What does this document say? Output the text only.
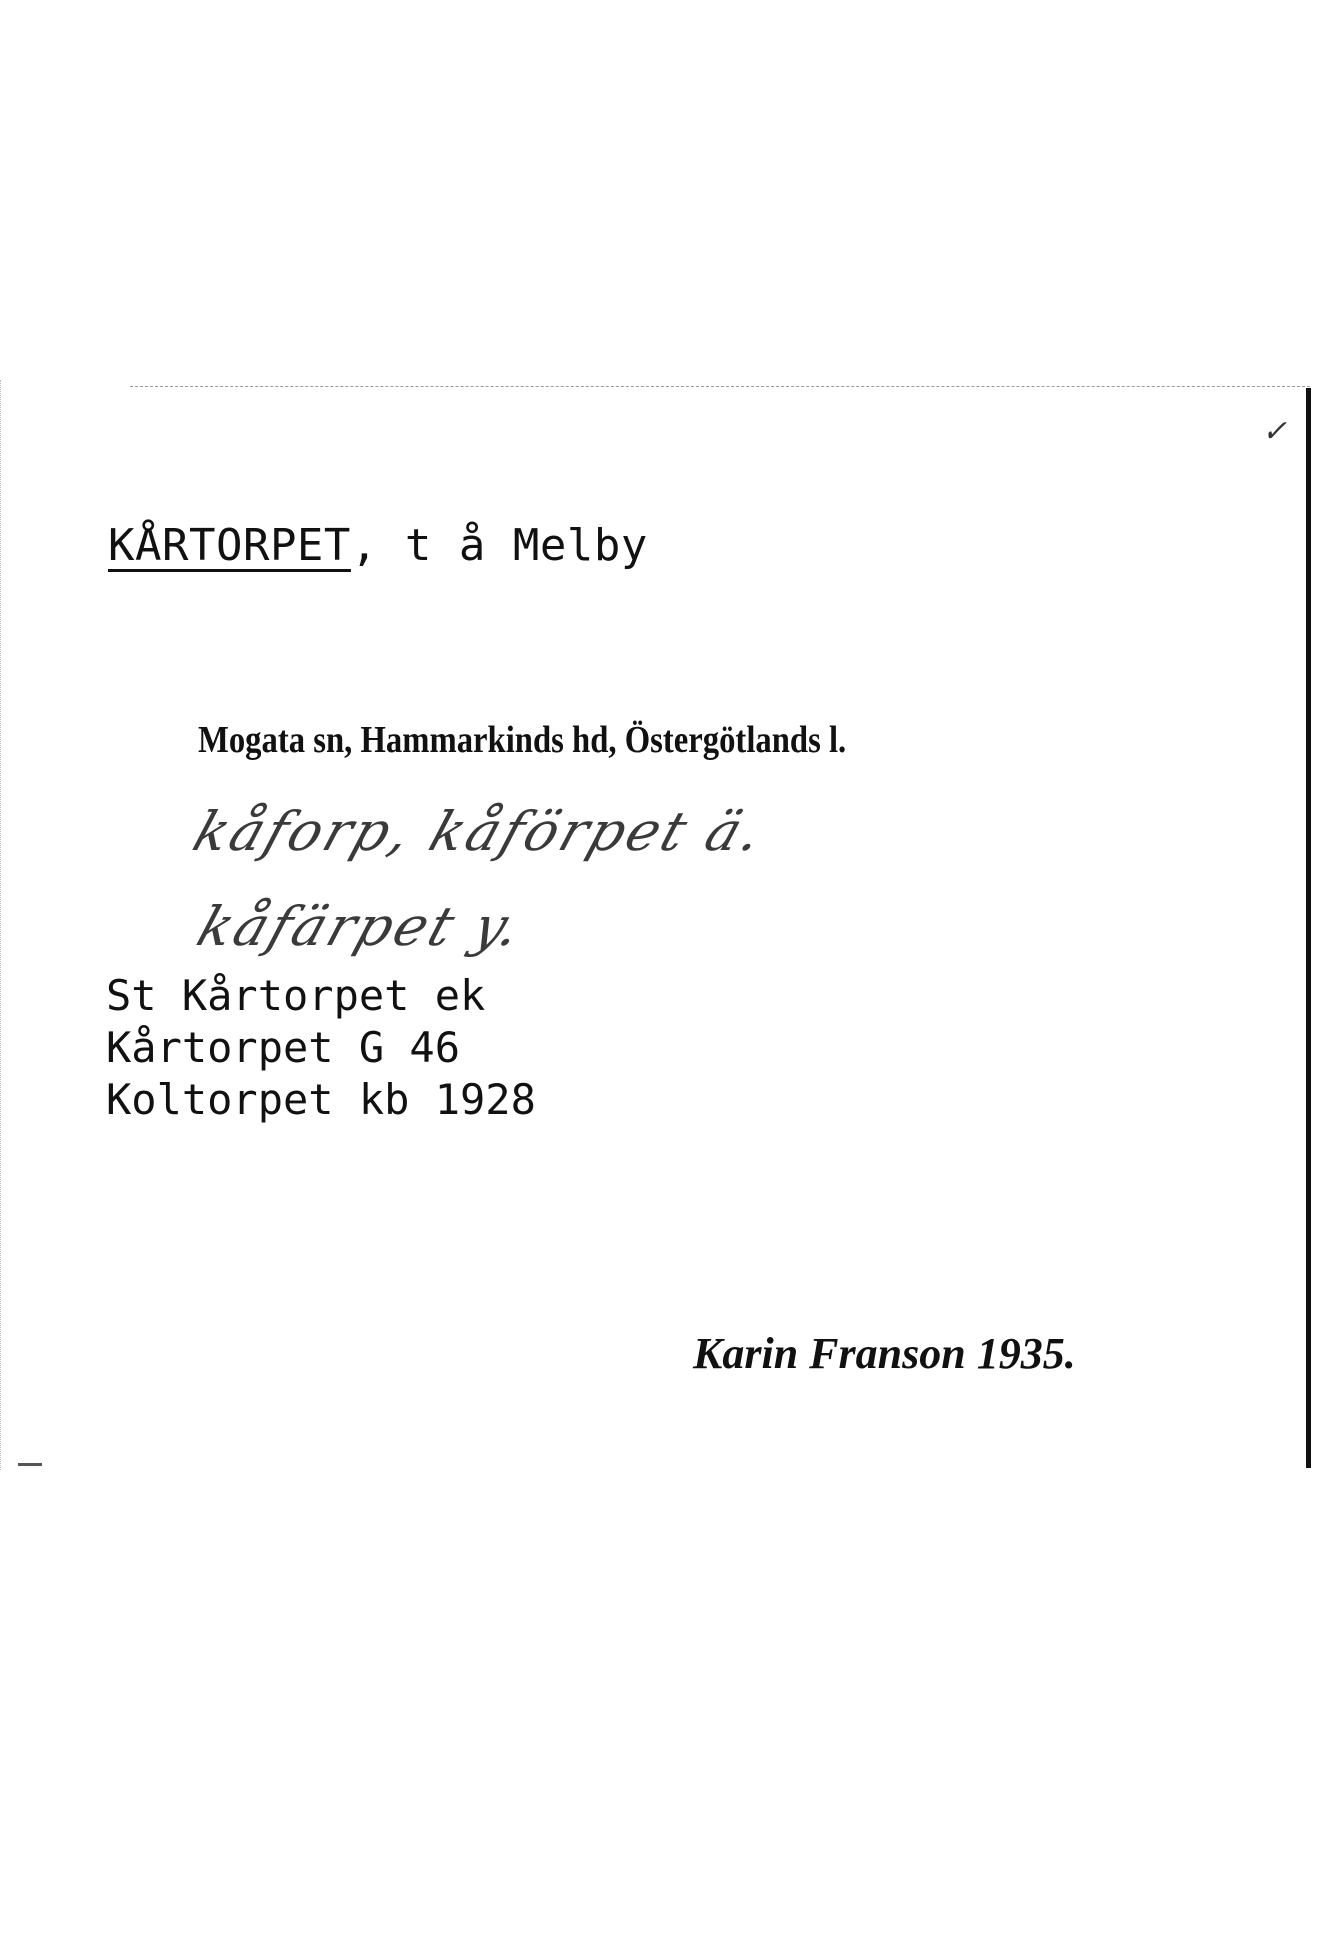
✓
KÅRTORPET, t å Melby
Mogata sn, Hammarkinds hd, Östergötlands l.
kåforp, kåförpet ä.
kåfärpet y.
St Kårtorpet ek
Kårtorpet G 46
Koltorpet kb 1928
Karin Franson 1935.
